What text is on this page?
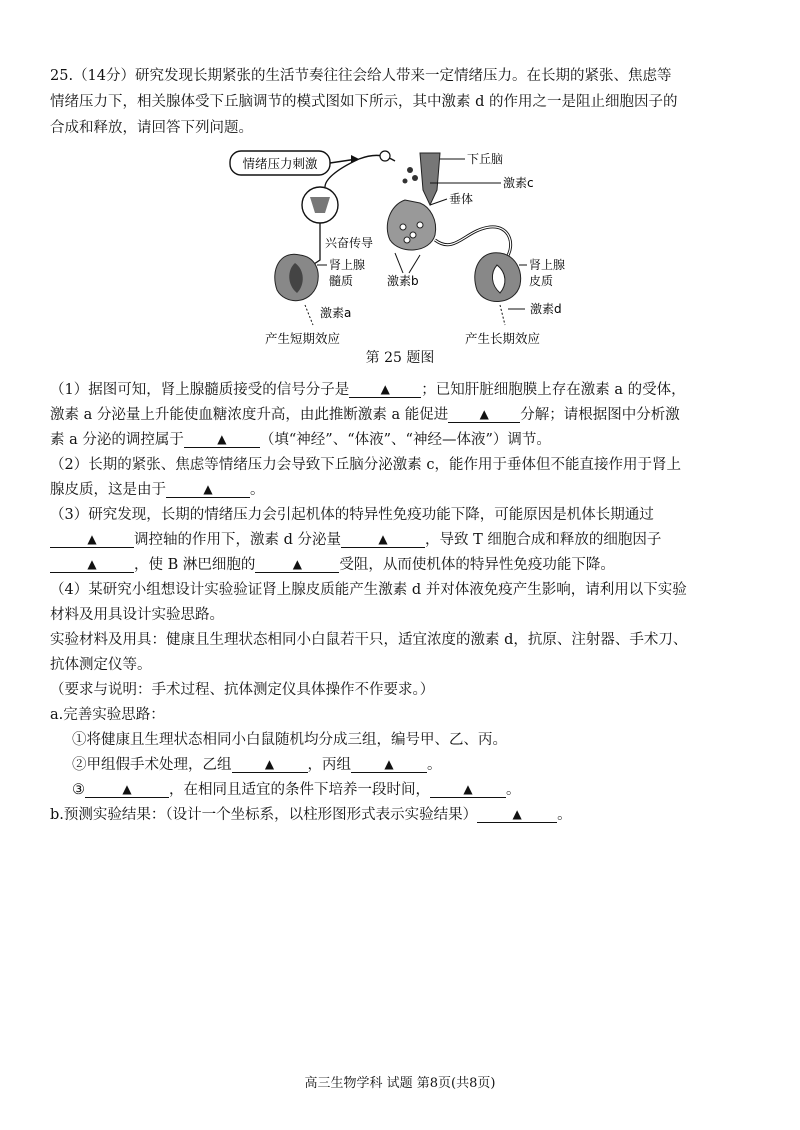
25.（14分）研究发现长期紧张的生活节奏往往会给人带来一定情绪压力。在长期的紧张、焦虑等
情绪压力下，相关腺体受下丘脑调节的模式图如下所示，其中激素 d 的作用之一是阻止细胞因子的
合成和释放，请回答下列问题。
情绪压力刺激	下丘脑
激素c
垂体
激素b
兴奋传导
肾上腺
髓质
激素a
产生短期效应
肾上腺
皮质
激素d
产生长期效应
第 25 题图
（1）据图可知，肾上腺髓质接受的信号分子是	▲ ；已知肝脏细胞膜上存在激素 a 的受体，
激素 a 分泌量上升能使血糖浓度升高，由此推断激素 a 能促进	▲ 分解；请根据图中分析激
素 a 分泌的调控属于	▲ （填“神经”、“体液”、“神经—体液”）调节。
（2）长期的紧张、焦虑等情绪压力会导致下丘脑分泌激素 c，能作用于垂体但不能直接作用于肾上
腺皮质，这是由于	▲	。
（3）研究发现，长期的情绪压力会引起机体的特异性免疫功能下降，可能原因是机体长期通过
▲	调控轴的作用下，激素 d 分泌量	▲	，导致 T 细胞合成和释放的细胞因子
▲	，使 B 淋巴细胞的	▲	受阻，从而使机体的特异性免疫功能下降。
（4）某研究小组想设计实验验证肾上腺皮质能产生激素 d 并对体液免疫产生影响，请利用以下实验
材料及用具设计实验思路。
实验材料及用具：健康且生理状态相同小白鼠若干只，适宜浓度的激素 d，抗原、注射器、手术刀、
抗体测定仪等。
（要求与说明：手术过程、抗体测定仪具体操作不作要求。）
a.完善实验思路：
①将健康且生理状态相同小白鼠随机均分成三组，编号甲、乙、丙。
②甲组假手术处理，乙组	▲ ，丙组	▲ 。
③	▲	，在相同且适宜的条件下培养一段时间，	▲ 。
b.预测实验结果：（设计一个坐标系，以柱形图形式表示实验结果）	▲ 。
高三生物学科 试题 第8页(共8页)
